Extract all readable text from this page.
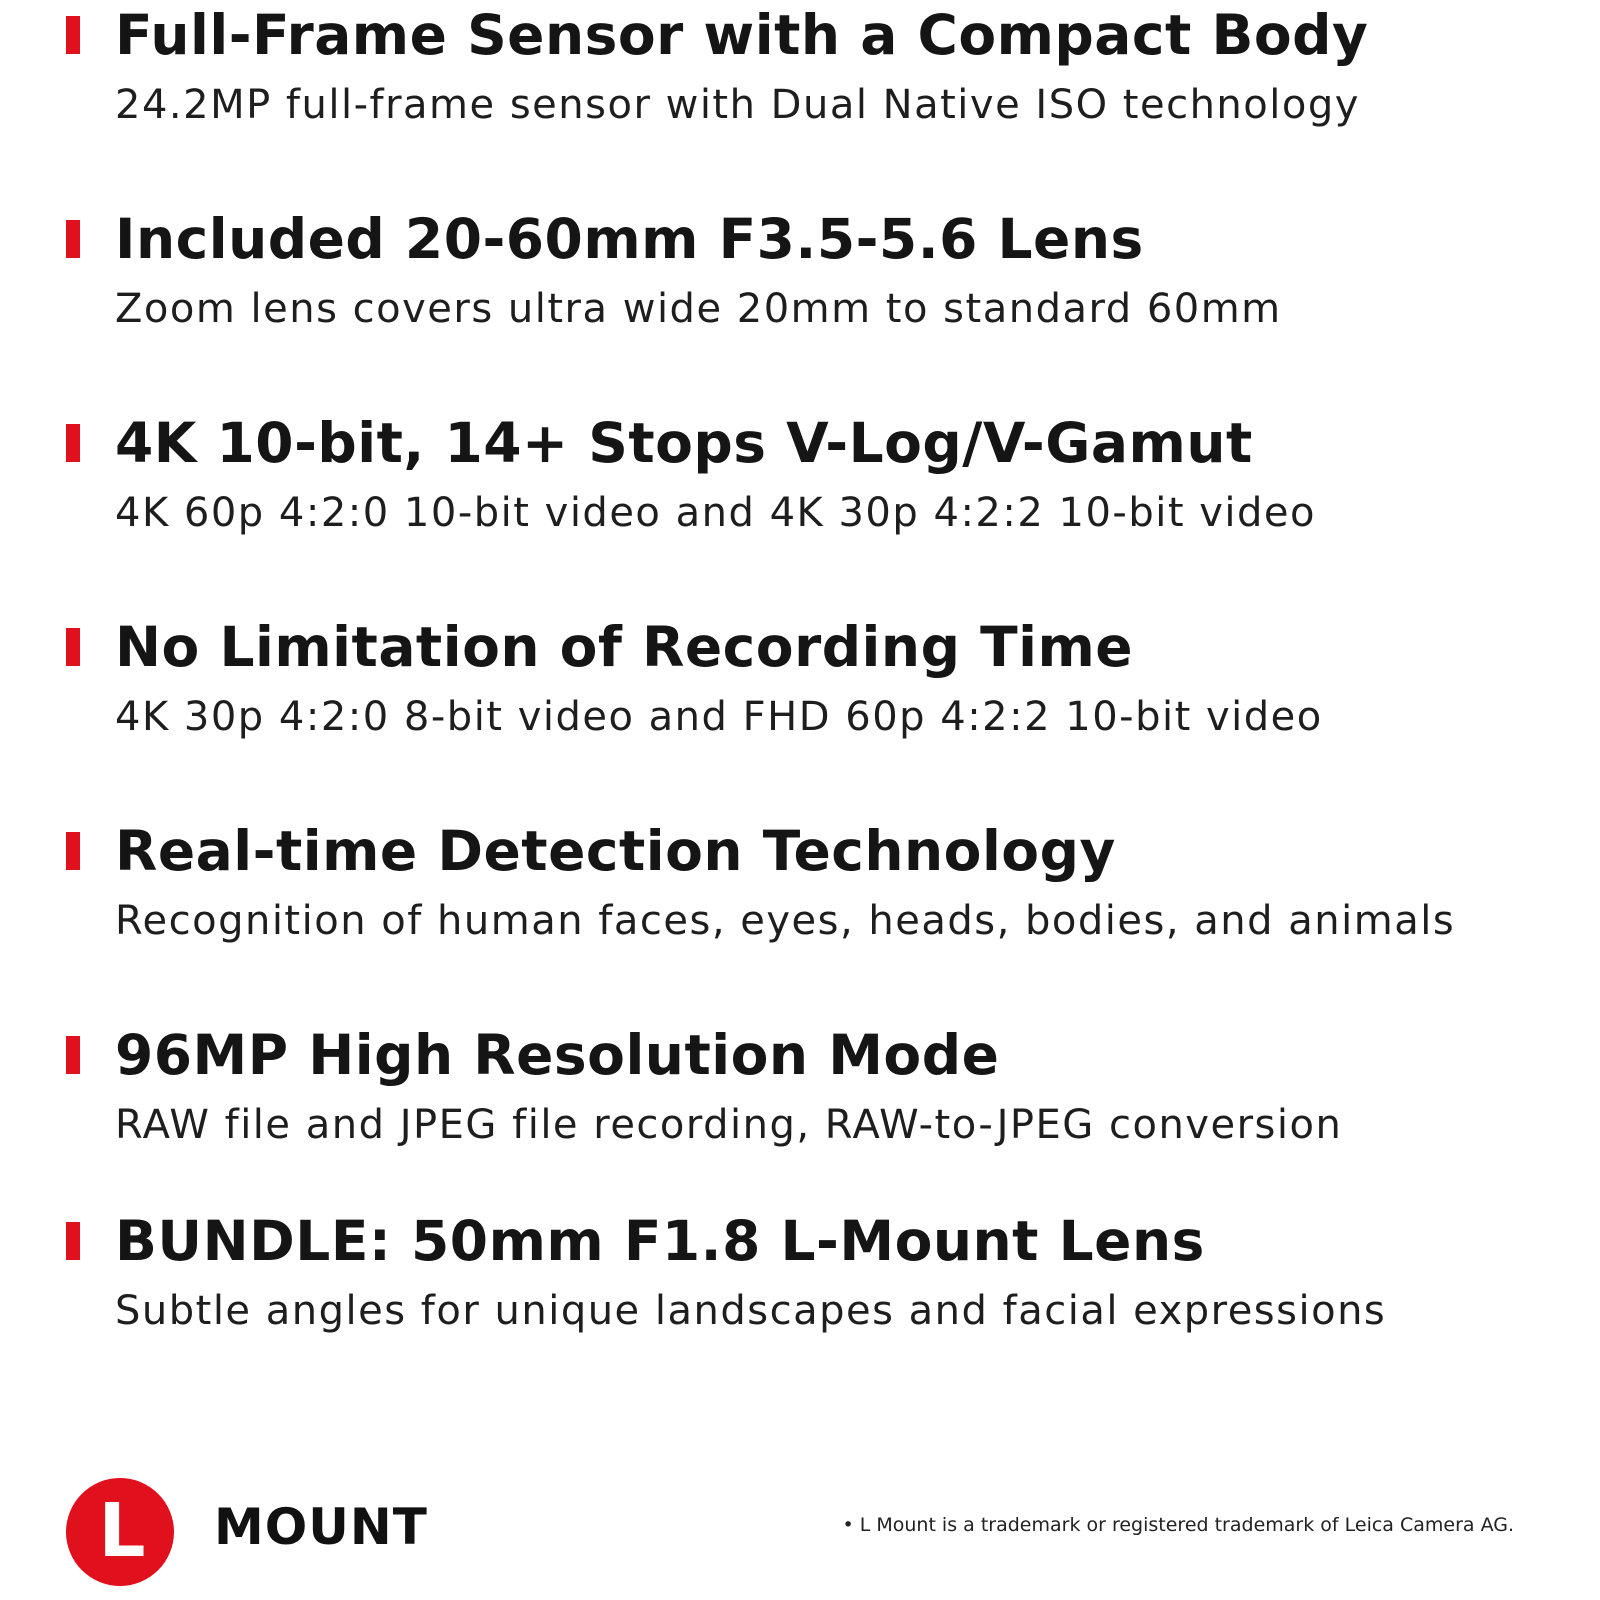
Full-Frame Sensor with a Compact Body
24.2MP full-frame sensor with Dual Native ISO technology
Included 20-60mm F3.5-5.6 Lens
Zoom lens covers ultra wide 20mm to standard 60mm
4K 10-bit, 14+ Stops V-Log/V-Gamut
4K 60p 4:2:0 10-bit video and 4K 30p 4:2:2 10-bit video
No Limitation of Recording Time
4K 30p 4:2:0 8-bit video and FHD 60p 4:2:2 10-bit video
Real-time Detection Technology
Recognition of human faces, eyes, heads, bodies, and animals
96MP High Resolution Mode
RAW file and JPEG file recording, RAW-to-JPEG conversion
BUNDLE: 50mm F1.8 L-Mount Lens
Subtle angles for unique landscapes and facial expressions
L MOUNT	• L Mount is a trademark or registered trademark of Leica Camera AG.
